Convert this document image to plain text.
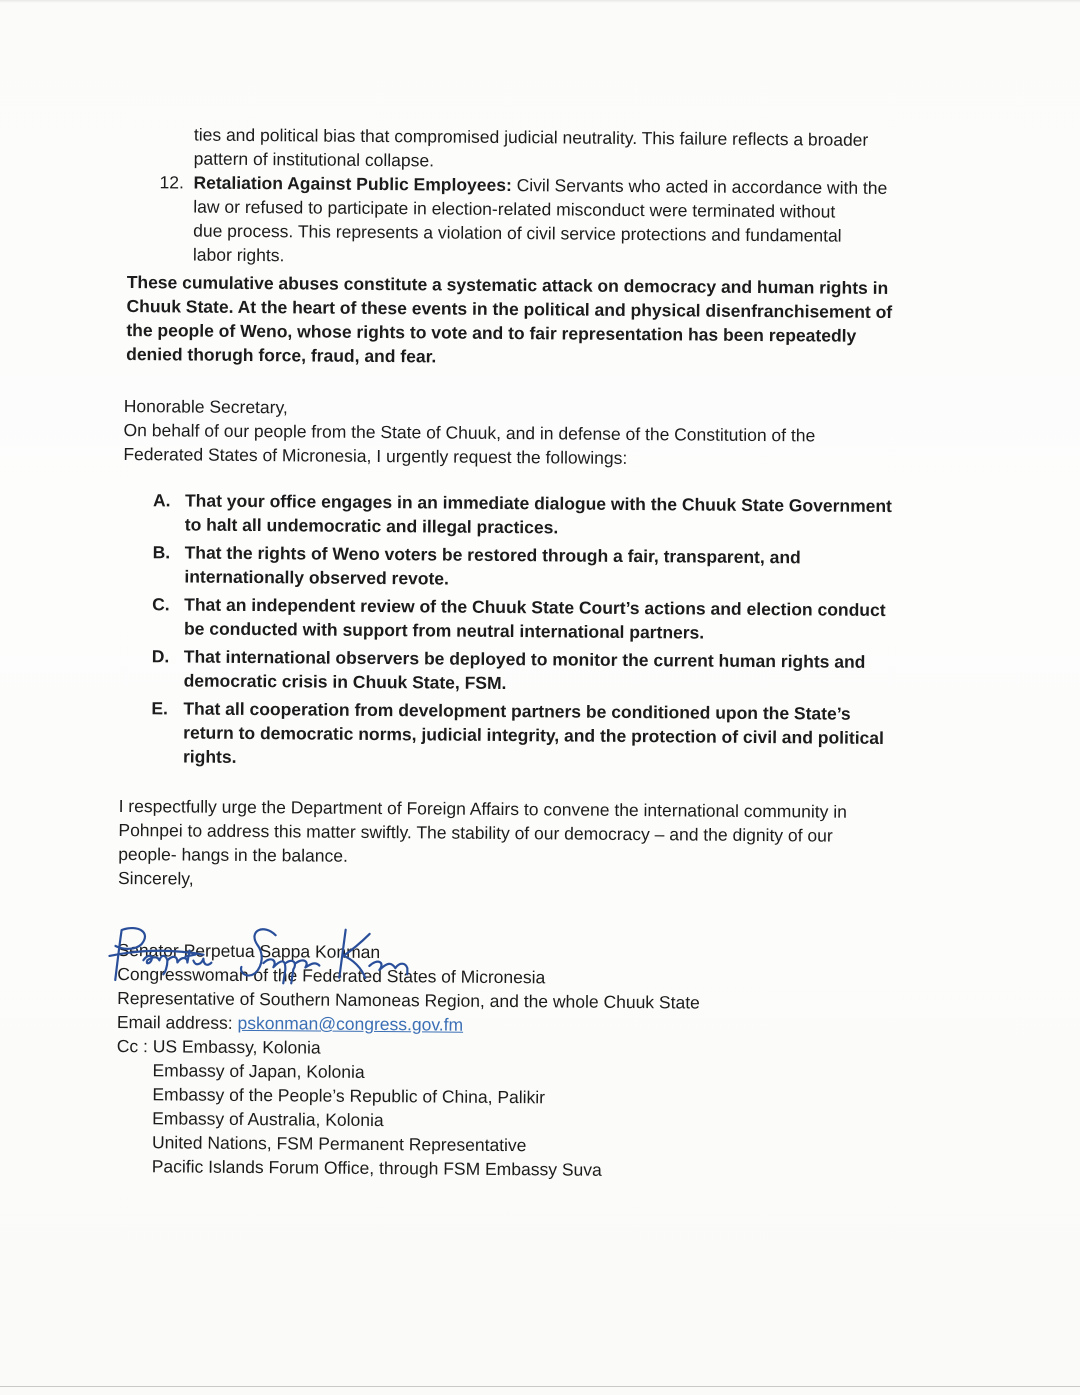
ties and political bias that compromised judicial neutrality. This failure reflects a broader
pattern of institutional collapse.
12. Retaliation Against Public Employees: Civil Servants who acted in accordance with the
law or refused to participate in election-related misconduct were terminated without
due process. This represents a violation of civil service protections and fundamental
labor rights.
These cumulative abuses constitute a systematic attack on democracy and human rights in
Chuuk State. At the heart of these events in the political and physical disenfranchisement of
the people of Weno, whose rights to vote and to fair representation has been repeatedly
denied thorugh force, fraud, and fear.
Honorable Secretary,
On behalf of our people from the State of Chuuk, and in defense of the Constitution of the
Federated States of Micronesia, I urgently request the followings:
A. That your office engages in an immediate dialogue with the Chuuk State Government
to halt all undemocratic and illegal practices.
B. That the rights of Weno voters be restored through a fair, transparent, and
internationally observed revote.
C. That an independent review of the Chuuk State Court’s actions and election conduct
be conducted with support from neutral international partners.
D. That international observers be deployed to monitor the current human rights and
democratic crisis in Chuuk State, FSM.
E. That all cooperation from development partners be conditioned upon the State’s
return to democratic norms, judicial integrity, and the protection of civil and political
rights.
I respectfully urge the Department of Foreign Affairs to convene the international community in
Pohnpei to address this matter swiftly. The stability of our democracy – and the dignity of our
people- hangs in the balance.
Sincerely,
Senator Perpetua Sappa Konman
Congresswoman of the Federated States of Micronesia
Representative of Southern Namoneas Region, and the whole Chuuk State
Email address: pskonman@congress.gov.fm
Cc : US Embassy, Kolonia
Embassy of Japan, Kolonia
Embassy of the People’s Republic of China, Palikir
Embassy of Australia, Kolonia
United Nations, FSM Permanent Representative
Pacific Islands Forum Office, through FSM Embassy Suva
